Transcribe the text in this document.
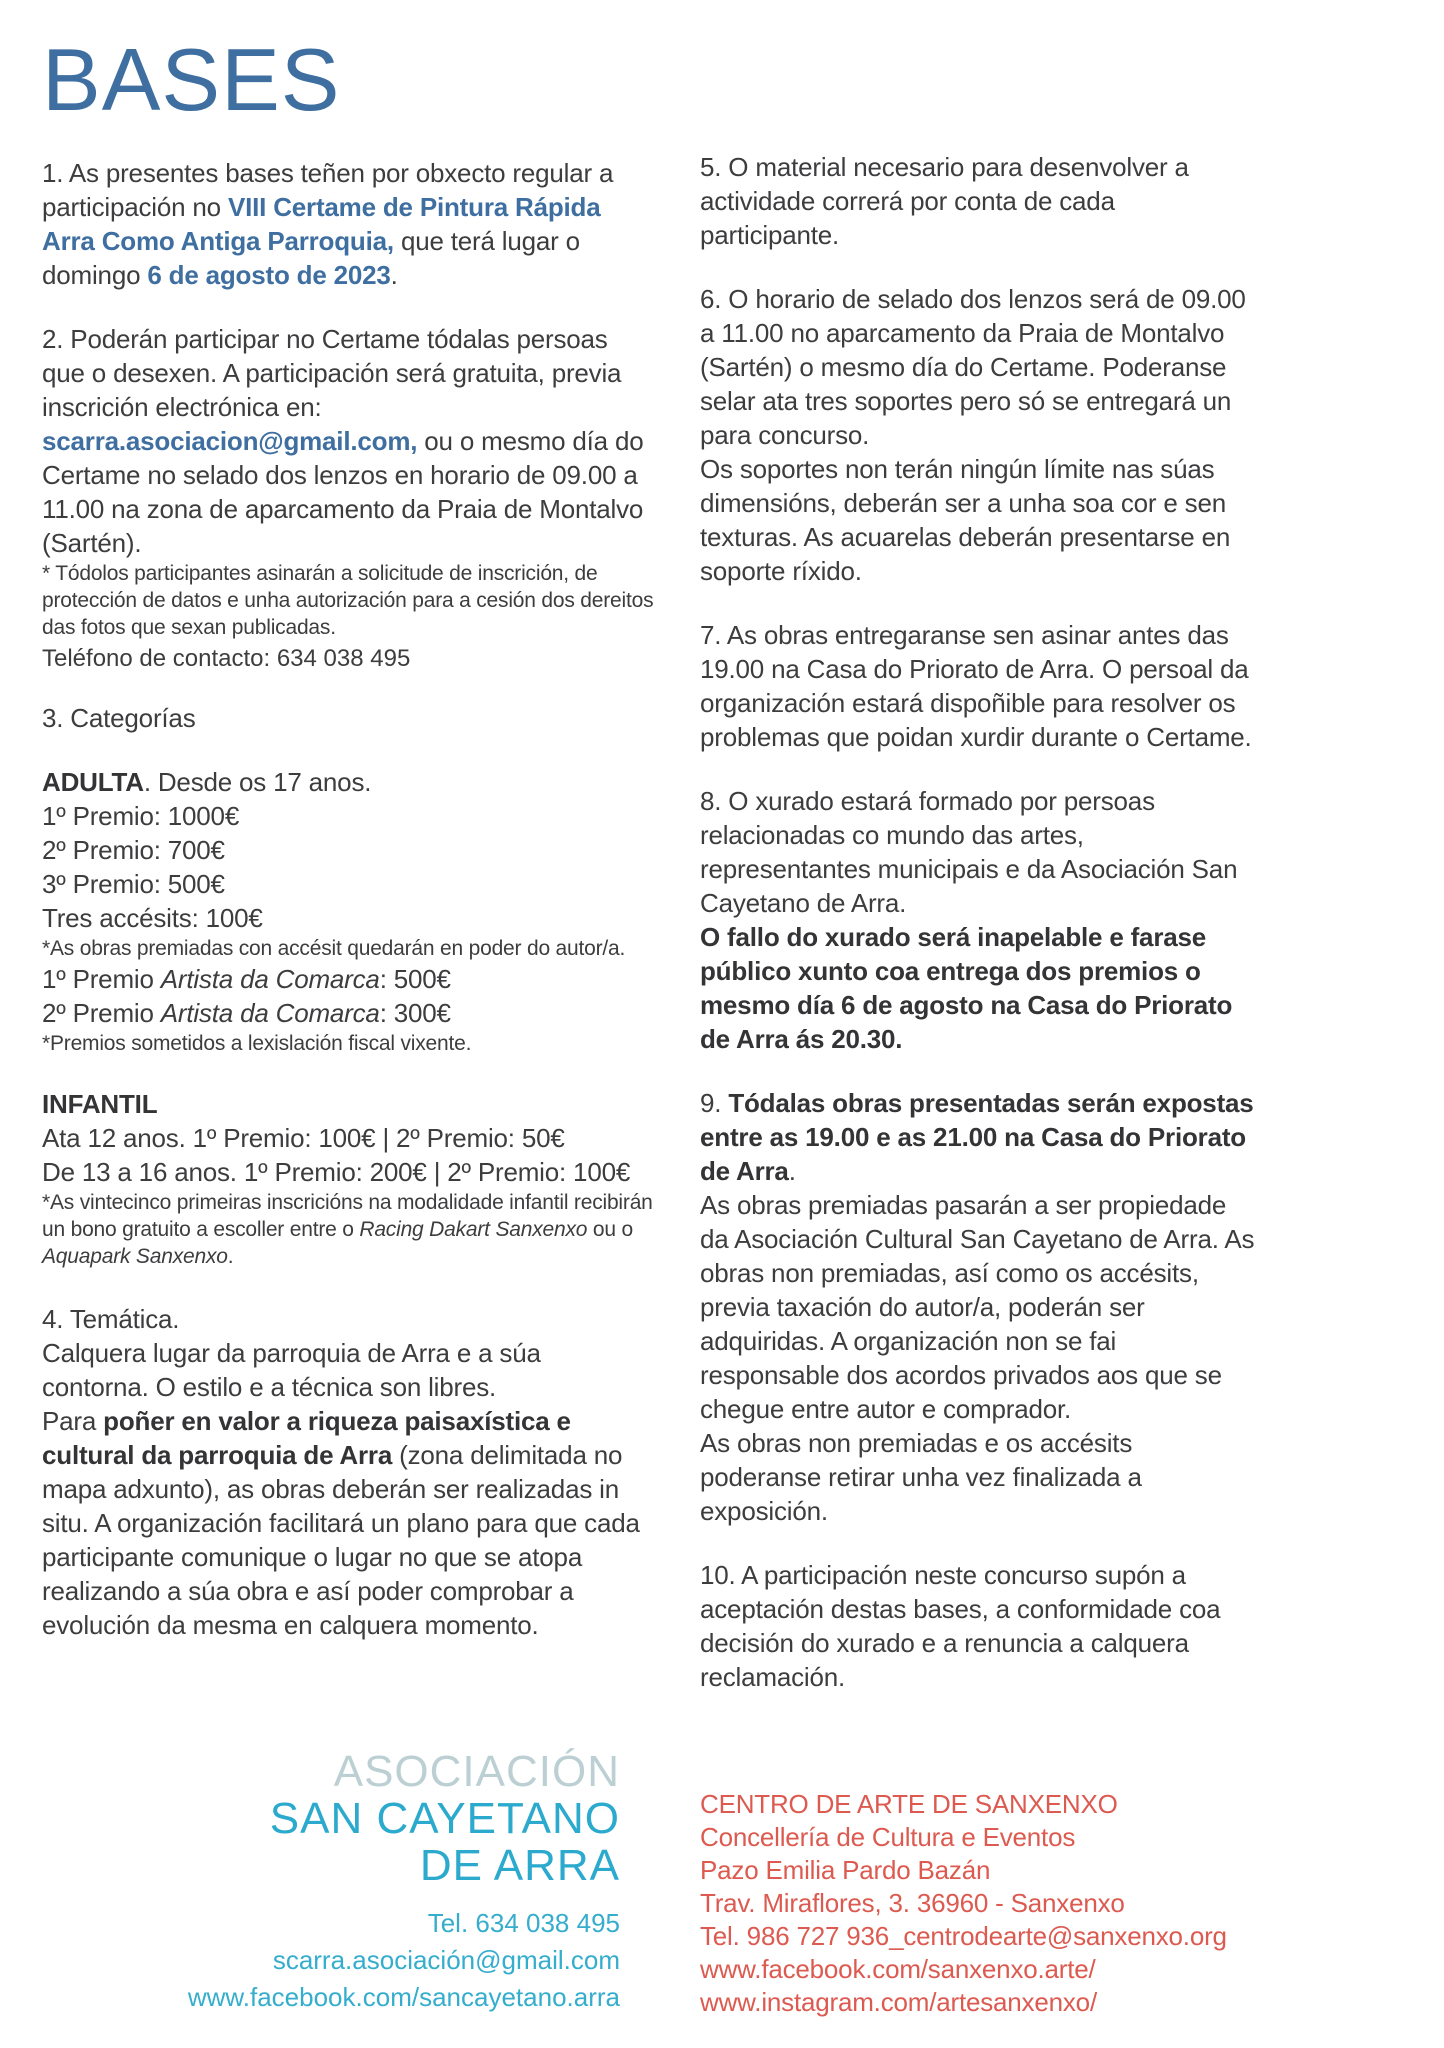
BASES

1. As presentes bases teñen por obxecto regular a participación no VIII Certame de Pintura Rápida Arra Como Antiga Parroquia, que terá lugar o domingo 6 de agosto de 2023.

2. Poderán participar no Certame tódalas persoas que o desexen. A participación será gratuita, previa inscrición electrónica en: scarra.asociacion@gmail.com, ou o mesmo día do Certame no selado dos lenzos en horario de 09.00 a 11.00 na zona de aparcamento da Praia de Montalvo (Sartén).

* Tódolos participantes asinarán a solicitude de inscrición, de protección de datos e unha autorización para a cesión dos dereitos das fotos que sexan publicadas.

Teléfono de contacto: 634 038 495

3. Categorías

ADULTA. Desde os 17 anos.
1º Premio: 1000€
2º Premio: 700€
3º Premio: 500€
Tres accésits: 100€
*As obras premiadas con accésit quedarán en poder do autor/a.
1º Premio Artista da Comarca: 500€
2º Premio Artista da Comarca: 300€
*Premios sometidos a lexislación fiscal vixente.
INFANTIL
Ata 12 anos. 1º Premio: 100€ | 2º Premio: 50€
De 13 a 16 anos. 1º Premio: 200€ | 2º Premio: 100€
*As vintecinco primeiras inscricións na modalidade infantil recibirán un bono gratuito a escoller entre o Racing Dakart Sanxenxo ou o Aquapark Sanxenxo.
4. Temática.
Calquera lugar da parroquia de Arra e a súa contorna. O estilo e a técnica son libres.
Para poñer en valor a riqueza paisaxística e cultural da parroquia de Arra (zona delimitada no mapa adxunto), as obras deberán ser realizadas in situ. A organización facilitará un plano para que cada participante comunique o lugar no que se atopa realizando a súa obra e así poder comprobar a evolución da mesma en calquera momento.

5. O material necesario para desenvolver a actividade correrá por conta de cada participante.

6. O horario de selado dos lenzos será de 09.00 a 11.00 no aparcamento da Praia de Montalvo (Sartén) o mesmo día do Certame. Poderanse selar ata tres soportes pero só se entregará un para concurso.

Os soportes non terán ningún límite nas súas dimensións, deberán ser a unha soa cor e sen texturas. As acuarelas deberán presentarse en soporte ríxido.

7. As obras entregaranse sen asinar antes das 19.00 na Casa do Priorato de Arra. O persoal da organización estará dispoñible para resolver os problemas que poidan xurdir durante o Certame.

8. O xurado estará formado por persoas relacionadas co mundo das artes, representantes municipais e da Asociación San Cayetano de Arra.

O fallo do xurado será inapelable e farase público xunto coa entrega dos premios o mesmo día 6 de agosto na Casa do Priorato de Arra ás 20.30.

9. Tódalas obras presentadas serán expostas entre as 19.00 e as 21.00 na Casa do Priorato de Arra.

As obras premiadas pasarán a ser propiedade da Asociación Cultural San Cayetano de Arra. As obras non premiadas, así como os accésits, previa taxación do autor/a, poderán ser adquiridas. A organización non se fai responsable dos acordos privados aos que se chegue entre autor e comprador.

As obras non premiadas e os accésits poderanse retirar unha vez finalizada a exposición.

10. A participación neste concurso supón a aceptación destas bases, a conformidade coa decisión do xurado e a renuncia a calquera reclamación.

ASOCIACIÓN
SAN CAYETANO
DE ARRA
Tel. 634 038 495
scarra.asociación@gmail.com
www.facebook.com/sancayetano.arra
CENTRO DE ARTE DE SANXENXO
Concellería de Cultura e Eventos
Pazo Emilia Pardo Bazán
Trav. Miraflores, 3. 36960 - Sanxenxo
Tel. 986 727 936_centrodearte@sanxenxo.org
www.facebook.com/sanxenxo.arte/
www.instagram.com/artesanxenxo/
